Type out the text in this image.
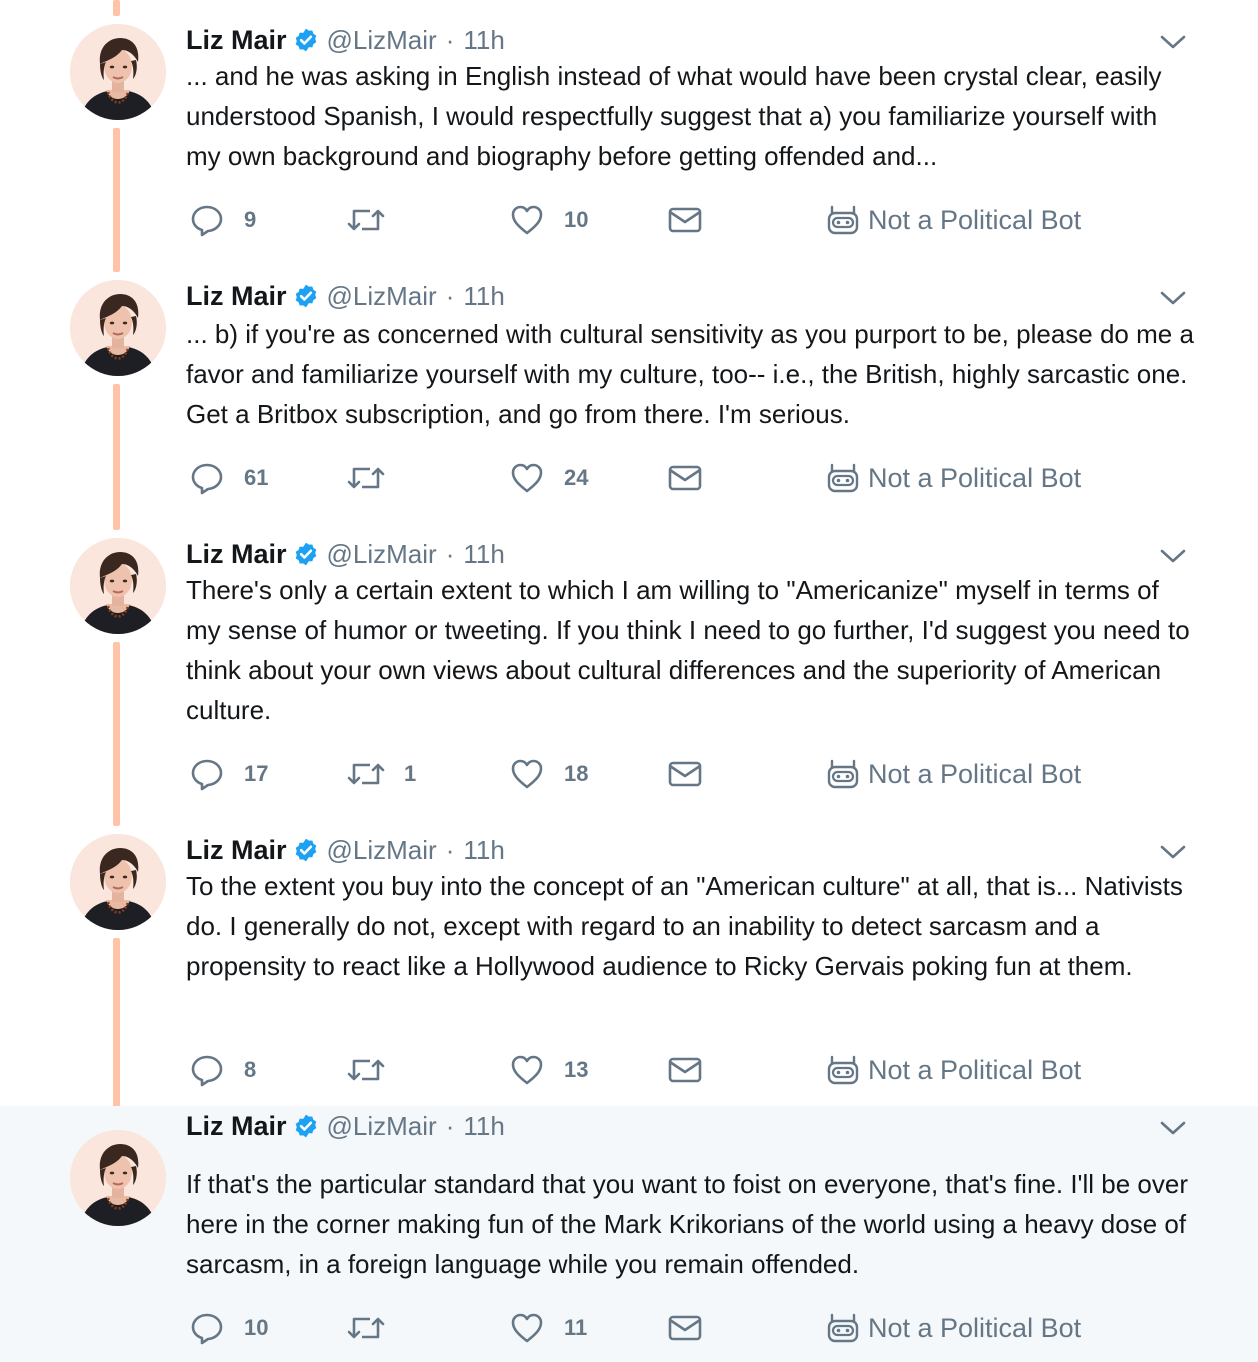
Liz Mair @LizMair · 11h
... and he was asking in English instead of what would have been crystal clear, easily understood Spanish, I would respectfully suggest that a) you familiarize yourself with my own background and biography before getting offended and...
9	10	Not a Political Bot
Liz Mair @LizMair · 11h
... b) if you're as concerned with cultural sensitivity as you purport to be, please do me a favor and familiarize yourself with my culture, too-- i.e., the British, highly sarcastic one. Get a Britbox subscription, and go from there. I'm serious.
61	24	Not a Political Bot
Liz Mair @LizMair · 11h
There's only a certain extent to which I am willing to "Americanize" myself in terms of my sense of humor or tweeting. If you think I need to go further, I'd suggest you need to think about your own views about cultural differences and the superiority of American culture.
17	1	18	Not a Political Bot
Liz Mair @LizMair · 11h
To the extent you buy into the concept of an "American culture" at all, that is... Nativists do. I generally do not, except with regard to an inability to detect sarcasm and a propensity to react like a Hollywood audience to Ricky Gervais poking fun at them.
8	13	Not a Political Bot
Liz Mair @LizMair · 11h
If that's the particular standard that you want to foist on everyone, that's fine. I'll be over here in the corner making fun of the Mark Krikorians of the world using a heavy dose of sarcasm, in a foreign language while you remain offended.
10	11	Not a Political Bot
